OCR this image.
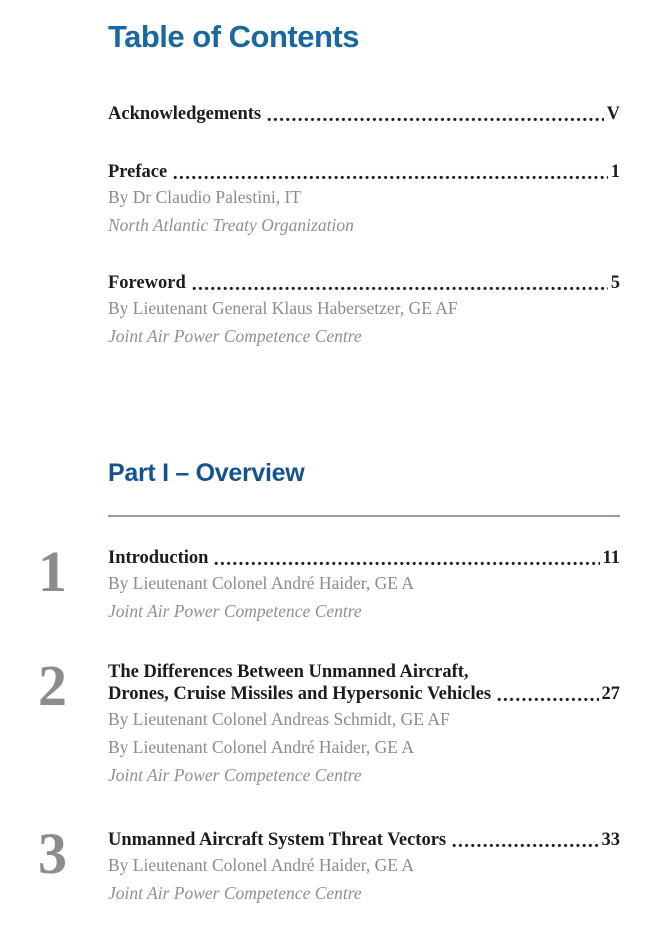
Table of Contents
Acknowledgements	V
Preface	1
By Dr Claudio Palestini, IT
North Atlantic Treaty Organization
Foreword	5
By Lieutenant General Klaus Habersetzer, GE AF
Joint Air Power Competence Centre
Part I – Overview
1	Introduction	11
By Lieutenant Colonel André Haider, GE A
Joint Air Power Competence Centre
2	The Differences Between Unmanned Aircraft,
Drones, Cruise Missiles and Hypersonic Vehicles	27
By Lieutenant Colonel Andreas Schmidt, GE AF
By Lieutenant Colonel André Haider, GE A
Joint Air Power Competence Centre
3	Unmanned Aircraft System Threat Vectors	33
By Lieutenant Colonel André Haider, GE A
Joint Air Power Competence Centre
